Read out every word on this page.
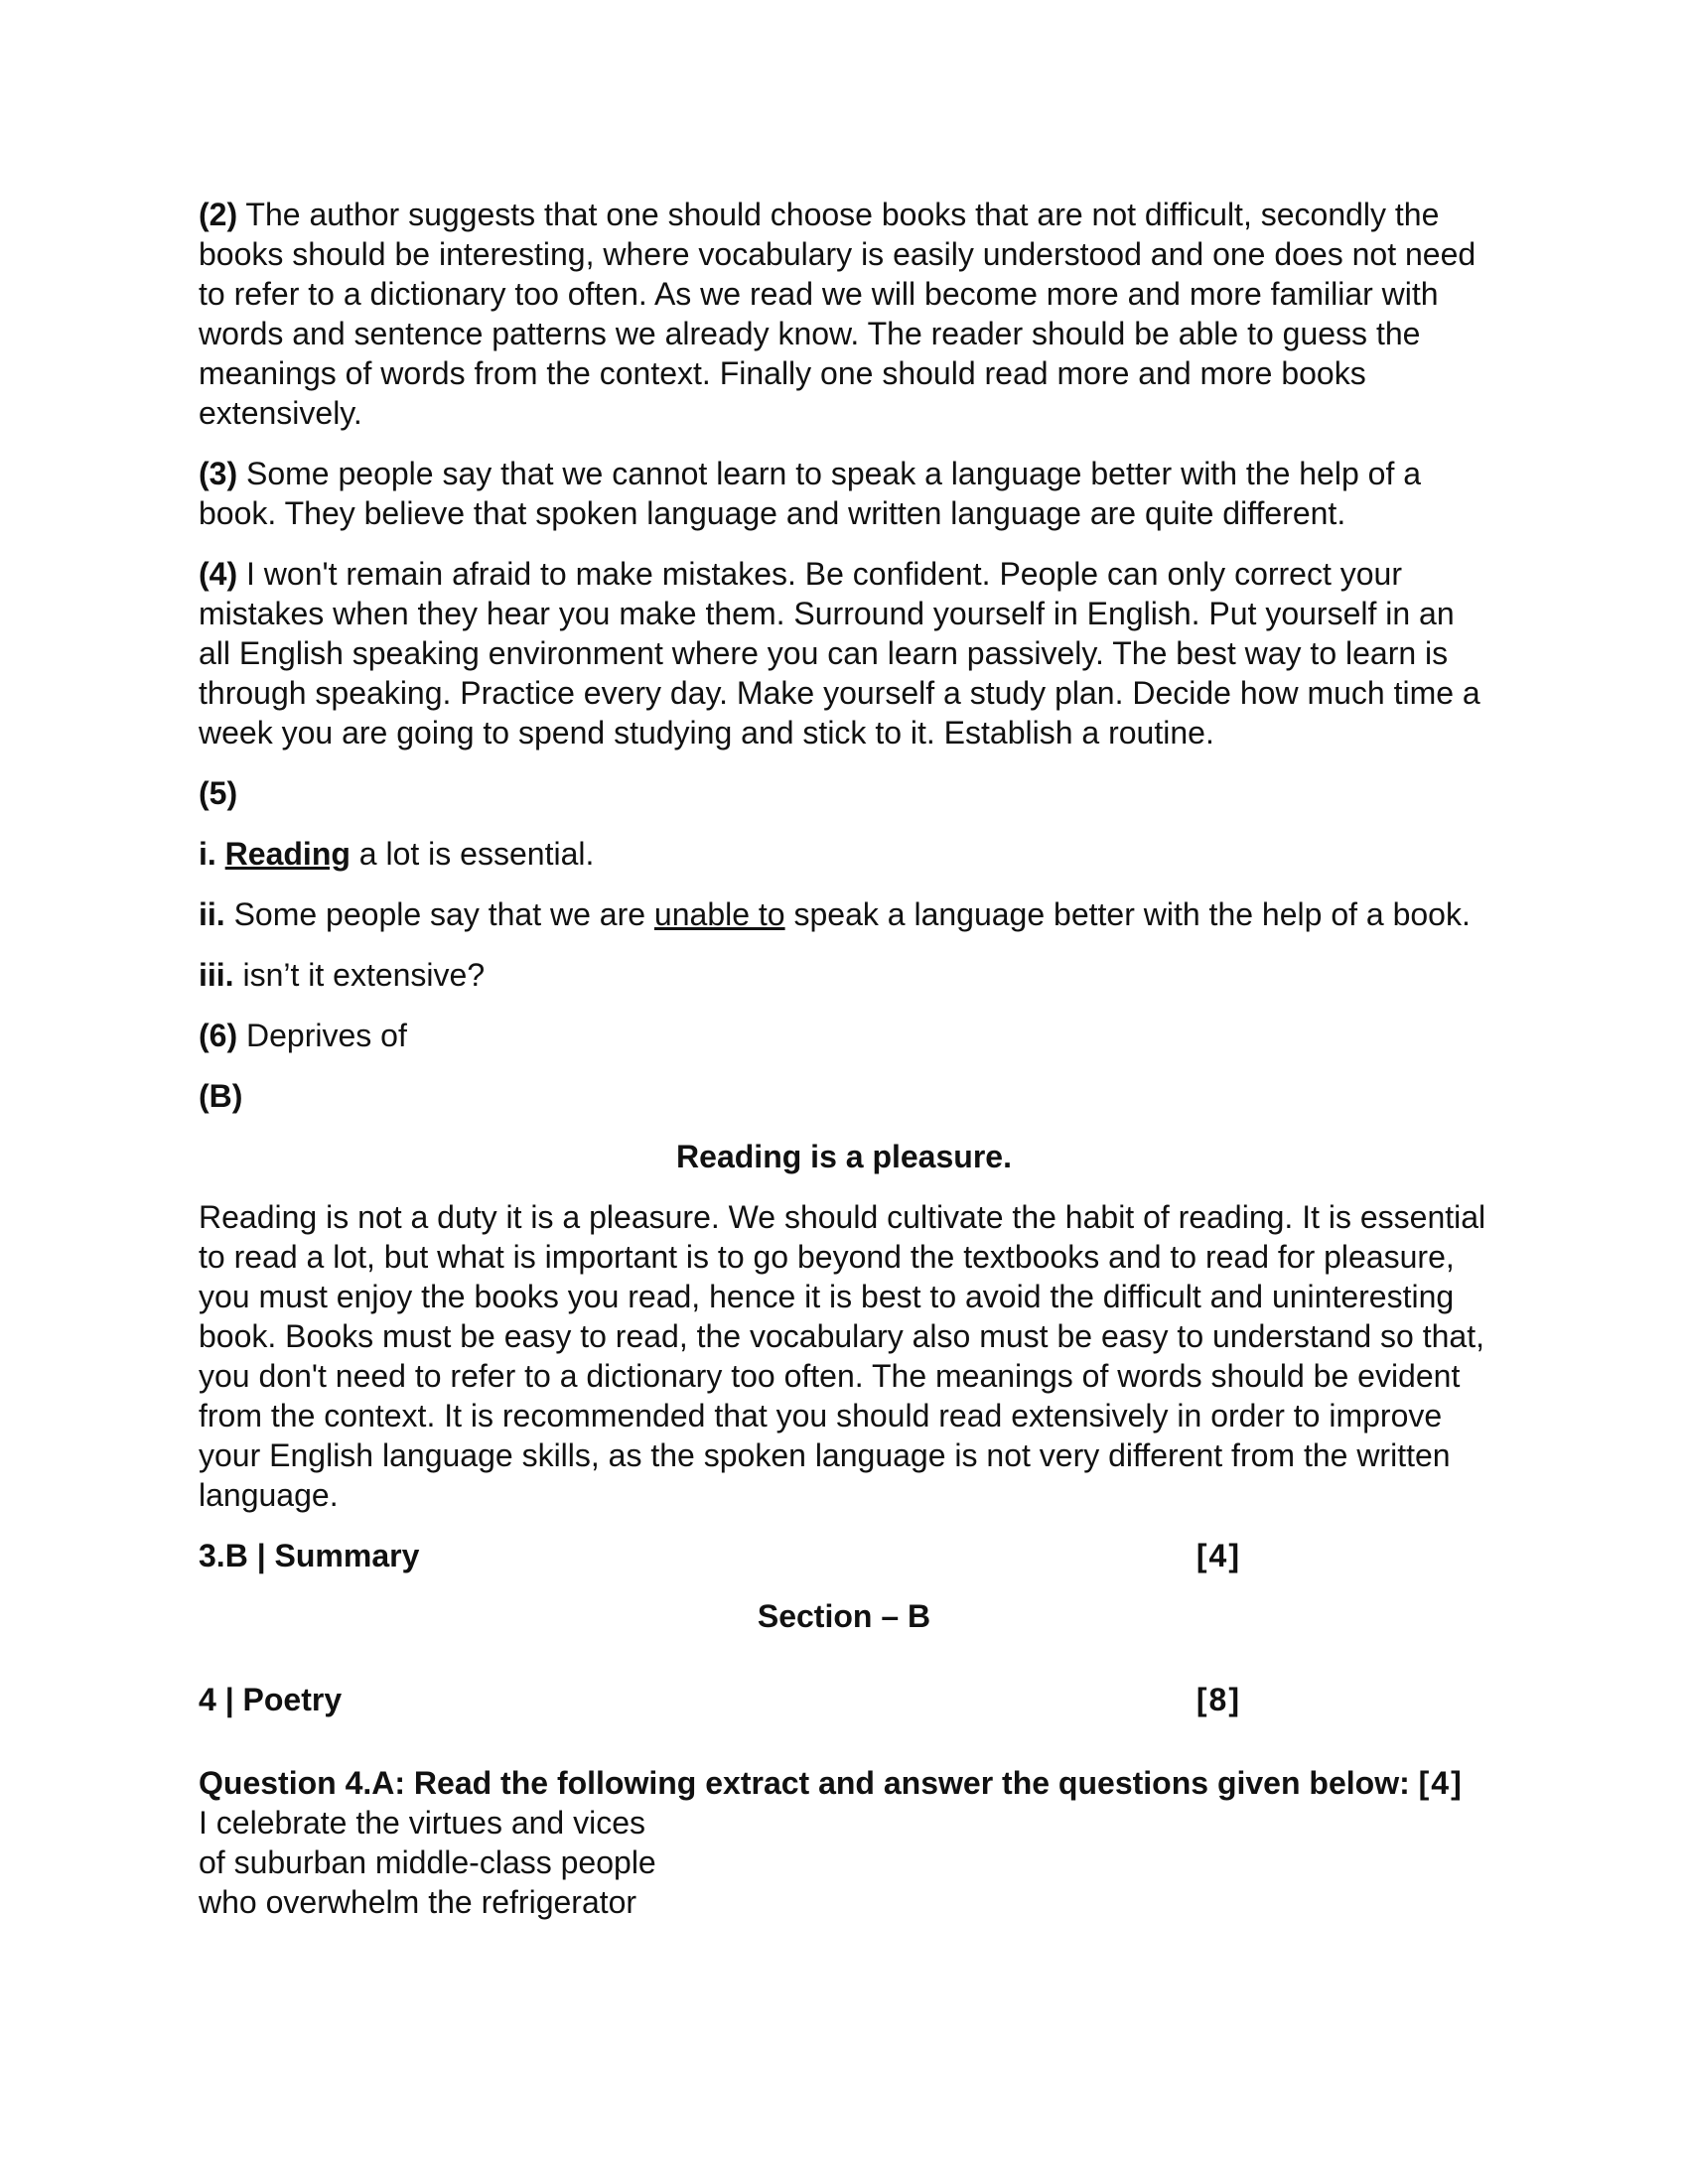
(2) The author suggests that one should choose books that are not difficult, secondly the books should be interesting, where vocabulary is easily understood and one does not need to refer to a dictionary too often. As we read we will become more and more familiar with words and sentence patterns we already know. The reader should be able to guess the meanings of words from the context. Finally one should read more and more books extensively.

(3) Some people say that we cannot learn to speak a language better with the help of a book. They believe that spoken language and written language are quite different.

(4) I won't remain afraid to make mistakes. Be confident. People can only correct your mistakes when they hear you make them. Surround yourself in English. Put yourself in an all English speaking environment where you can learn passively. The best way to learn is through speaking. Practice every day. Make yourself a study plan. Decide how much time a week you are going to spend studying and stick to it. Establish a routine.

(5)

i. Reading a lot is essential.

ii. Some people say that we are unable to speak a language better with the help of a book.

iii. isn’t it extensive?

(6) Deprives of

(B)

Reading is a pleasure.

Reading is not a duty it is a pleasure. We should cultivate the habit of reading. It is essential to read a lot, but what is important is to go beyond the textbooks and to read for pleasure, you must enjoy the books you read, hence it is best to avoid the difficult and uninteresting book. Books must be easy to read, the vocabulary also must be easy to understand so that, you don't need to refer to a dictionary too often. The meanings of words should be evident from the context. It is recommended that you should read extensively in order to improve your English language skills, as the spoken language is not very different from the written language.

3.B | Summary	[4]

Section – B

4 | Poetry	[8]

Question 4.A: Read the following extract and answer the questions given below: [4]

I celebrate the virtues and vices

of suburban middle-class people

who overwhelm the refrigerator
